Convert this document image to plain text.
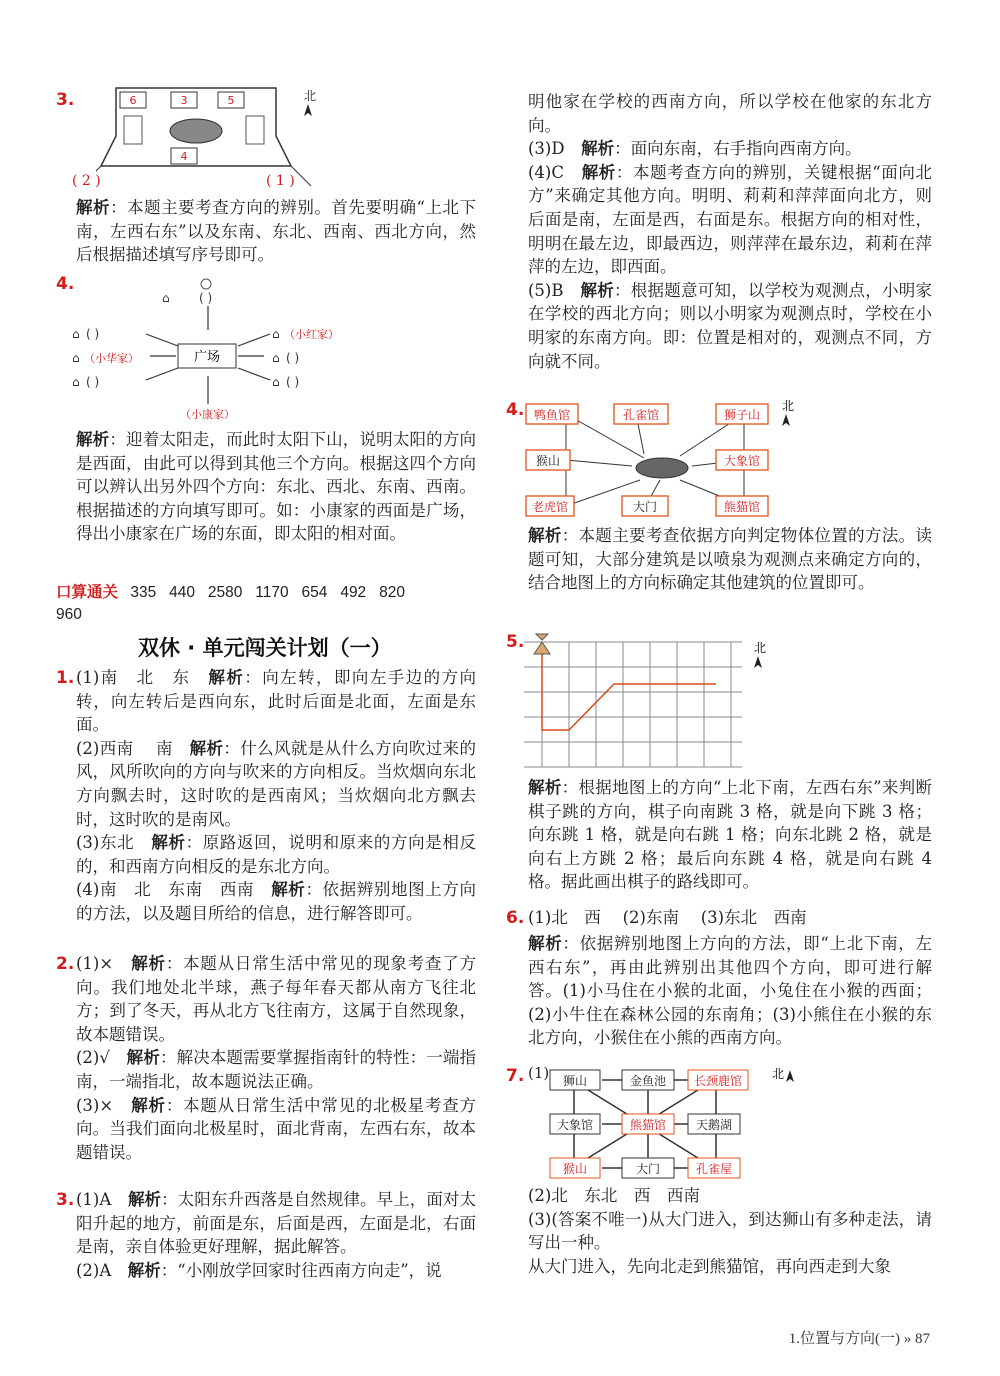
3.	6	3	5
4
北
( 2 )	( 1 )

解析：本题主要考查方向的辨别。首先要明确“上北下南，左西右东”以及东南、东北、西南、西北方向，然后根据描述填写序号即可。

4.
广场
⌂ ( )
⌂ ( )
⌂
⌂ ( )
⌂
⌂ ( )
⌂ ( )
（小红家）
（小华家）
（小康家）

解析：迎着太阳走，而此时太阳下山，说明太阳的方向是西面，由此可以得到其他三个方向。根据这四个方向可以辨认出另外四个方向：东北、西北、东南、西南。根据描述的方向填写即可。如：小康家的西面是广场，得出小康家在广场的东面，即太阳的相对面。

口算通关 335   440   2580   1170   654   492   820
960
双休 · 单元闯关计划（一）
1. (1)南　北　东　解析：向左转，即向左手边的方向转，向左转后是西向东，此时后面是北面，左面是东面。

(2)西南　 南　解析：什么风就是从什么方向吹过来的风，风所吹向的方向与吹来的方向相反。当炊烟向东北方向飘去时，这时吹的是西南风；当炊烟向北方飘去时，这时吹的是南风。

(3)东北　解析：原路返回，说明和原来的方向是相反的，和西南方向相反的是东北方向。

(4)南　北　东南　西南　解析：依据辨别地图上方向的方法，以及题目所给的信息，进行解答即可。

2. (1)×　解析：本题从日常生活中常见的现象考查了方向。我们地处北半球，燕子每年春天都从南方飞往北方；到了冬天，再从北方飞往南方，这属于自然现象，故本题错误。

(2)√　解析：解决本题需要掌握指南针的特性：一端指南，一端指北，故本题说法正确。

(3)×　解析：本题从日常生活中常见的北极星考查方向。当我们面向北极星时，面北背南，左西右东，故本题错误。

3. (1)A　解析：太阳东升西落是自然规律。早上，面对太阳升起的地方，前面是东，后面是西，左面是北，右面是南，亲自体验更好理解，据此解答。

(2)A　解析：“小刚放学回家时往西南方向走”，说

明他家在学校的西南方向，所以学校在他家的东北方向。

(3)D　解析：面向东南，右手指向西南方向。

(4)C　解析：本题考查方向的辨别，关键根据“面向北方”来确定其他方向。明明、莉莉和萍萍面向北方，则后面是南，左面是西，右面是东。根据方向的相对性，明明在最左边，即最西边，则萍萍在最东边，莉莉在萍萍的左边，即西面。

(5)B　解析：根据题意可知，以学校为观测点，小明家在学校的西北方向；则以小明家为观测点时，学校在小明家的东南方向。即：位置是相对的，观测点不同，方向就不同。

4. 鸭鱼馆	孔雀馆	狮子山
猴山	大象馆
老虎馆	大门	熊猫馆
北

解析：本题主要考查依据方向判定物体位置的方法。读题可知，大部分建筑是以喷泉为观测点来确定方向的，结合地图上的方向标确定其他建筑的位置即可。

5.	北

解析：根据地图上的方向“上北下南，左西右东”来判断棋子跳的方向，棋子向南跳 3 格，就是向下跳 3 格；向东跳 1 格，就是向右跳 1 格；向东北跳 2 格，就是向右上方跳 2 格；最后向东跳 4 格，就是向右跳 4 格。据此画出棋子的路线即可。

6. (1)北　西　 (2)东南　 (3)东北　西南

解析：依据辨别地图上方向的方法，即“上北下南，左西右东”，再由此辨别出其他四个方向，即可进行解答。(1)小马住在小猴的北面，小兔住在小猴的西面；(2)小牛住在森林公园的东南角；(3)小熊住在小猴的东北方向，小猴住在小熊的西南方向。

7. (1) 狮山	金鱼池 长颈鹿馆
大象馆	熊猫馆 天鹅湖
猴山	大门	孔雀屋
北

(2)北　东北　西　西南

(3)(答案不唯一)从大门进入，到达狮山有多种走法，请写出一种。

从大门进入，先向北走到熊猫馆，再向西走到大象

1.位置与方向(一) » 87
